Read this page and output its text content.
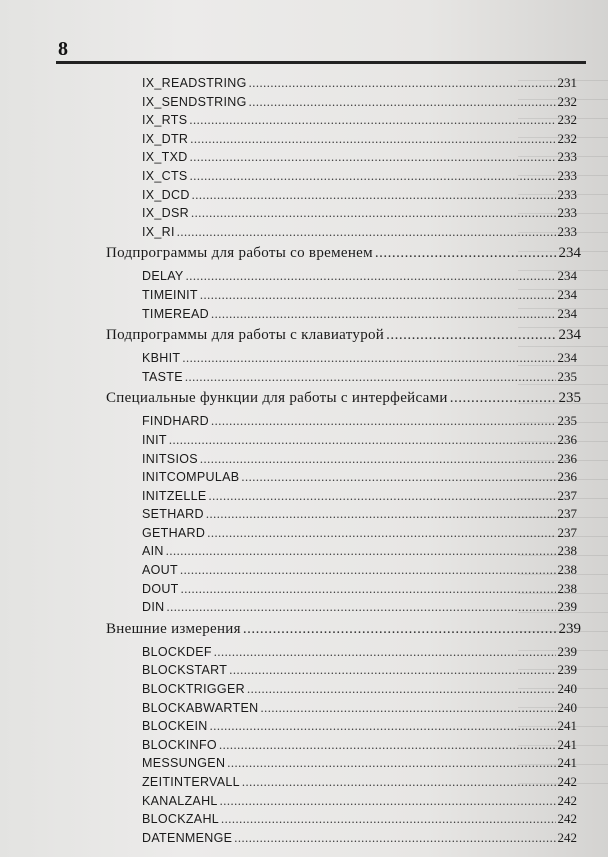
8
IX_READSTRING .....	231
IX_SENDSTRING .....	232
IX_RTS .....	232
IX_DTR .....	232
IX_TXD .....	233
IX_CTS .....	233
IX_DCD .....	233
IX_DSR .....	233
IX_RI .....	233
Подпрограммы для работы со временем .....	234
DELAY .....	234
TIMEINIT .....	234
TIMEREAD .....	234
Подпрограммы для работы с клавиатурой .....	234
KBHIT .....	234
TASTE .....	235
Специальные функции для работы с интерфейсами .....	235
FINDHARD .....	235
INIT .....	236
INITSIOS .....	236
INITCOMPULAB .....	236
INITZELLE .....	237
SETHARD .....	237
GETHARD .....	237
AIN .....	238
AOUT .....	238
DOUT .....	238
DIN .....	239
Внешние измерения .....	239
BLOCKDEF .....	239
BLOCKSTART .....	239
BLOCKTRIGGER .....	240
BLOCKABWARTEN .....	240
BLOCKEIN .....	241
BLOCKINFO .....	241
MESSUNGEN .....	241
ZEITINTERVALL .....	242
KANALZAHL .....	242
BLOCKZAHL .....	242
DATENMENGE .....	242
